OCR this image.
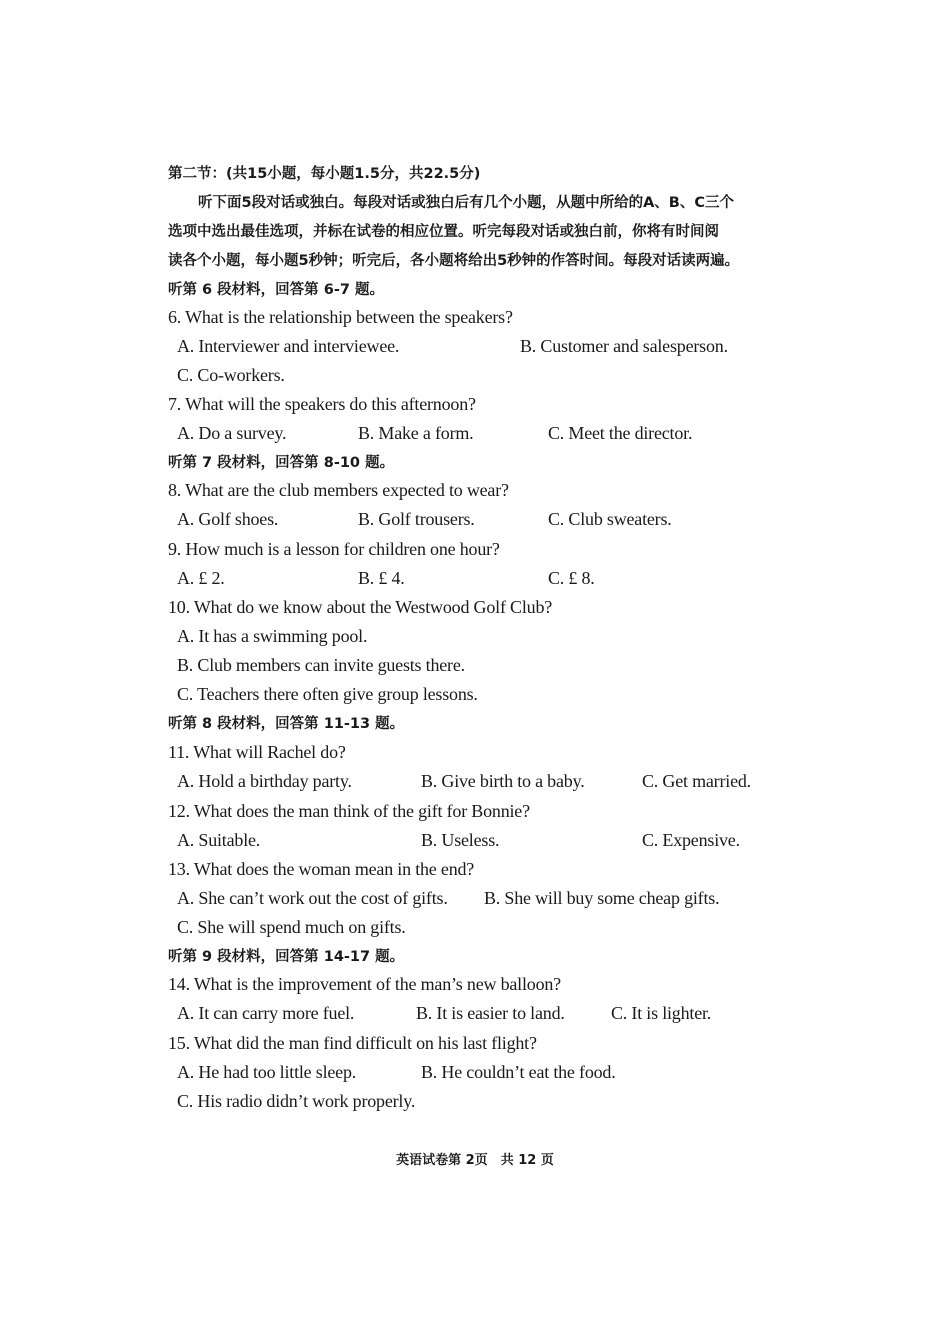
第二节：(共15小题，每小题1.5分，共22.5分)
听下面5段对话或独白。每段对话或独白后有几个小题，从题中所给的A、B、C三个
选项中选出最佳选项，并标在试卷的相应位置。听完每段对话或独白前，你将有时间阅
读各个小题，每小题5秒钟；听完后，各小题将给出5秒钟的作答时间。每段对话读两遍。
听第 6 段材料，回答第 6-7 题。
6. What is the relationship between the speakers?
A. Interviewer and interviewee.	B. Customer and salesperson.
C. Co-workers.
7. What will the speakers do this afternoon?
A. Do a survey.	B. Make a form.	C. Meet the director.
听第 7 段材料，回答第 8-10 题。
8. What are the club members expected to wear?
A. Golf shoes.	B. Golf trousers.	C. Club sweaters.
9. How much is a lesson for children one hour?
A. £ 2.	B. £ 4.	C. £ 8.
10. What do we know about the Westwood Golf Club?
A. It has a swimming pool.
B. Club members can invite guests there.
C. Teachers there often give group lessons.
听第 8 段材料，回答第 11-13 题。
11. What will Rachel do?
A. Hold a birthday party.	B. Give birth to a baby.	C. Get married.
12. What does the man think of the gift for Bonnie?
A. Suitable.	B. Useless.	C. Expensive.
13. What does the woman mean in the end?
A. She can’t work out the cost of gifts. B. She will buy some cheap gifts.
C. She will spend much on gifts.
听第 9 段材料，回答第 14-17 题。
14. What is the improvement of the man’s new balloon?
A. It can carry more fuel.	B. It is easier to land.	C. It is lighter.
15. What did the man find difficult on his last flight?
A. He had too little sleep.	B. He couldn’t eat the food.
C. His radio didn’t work properly.
英语试卷第 2页　共 12 页
